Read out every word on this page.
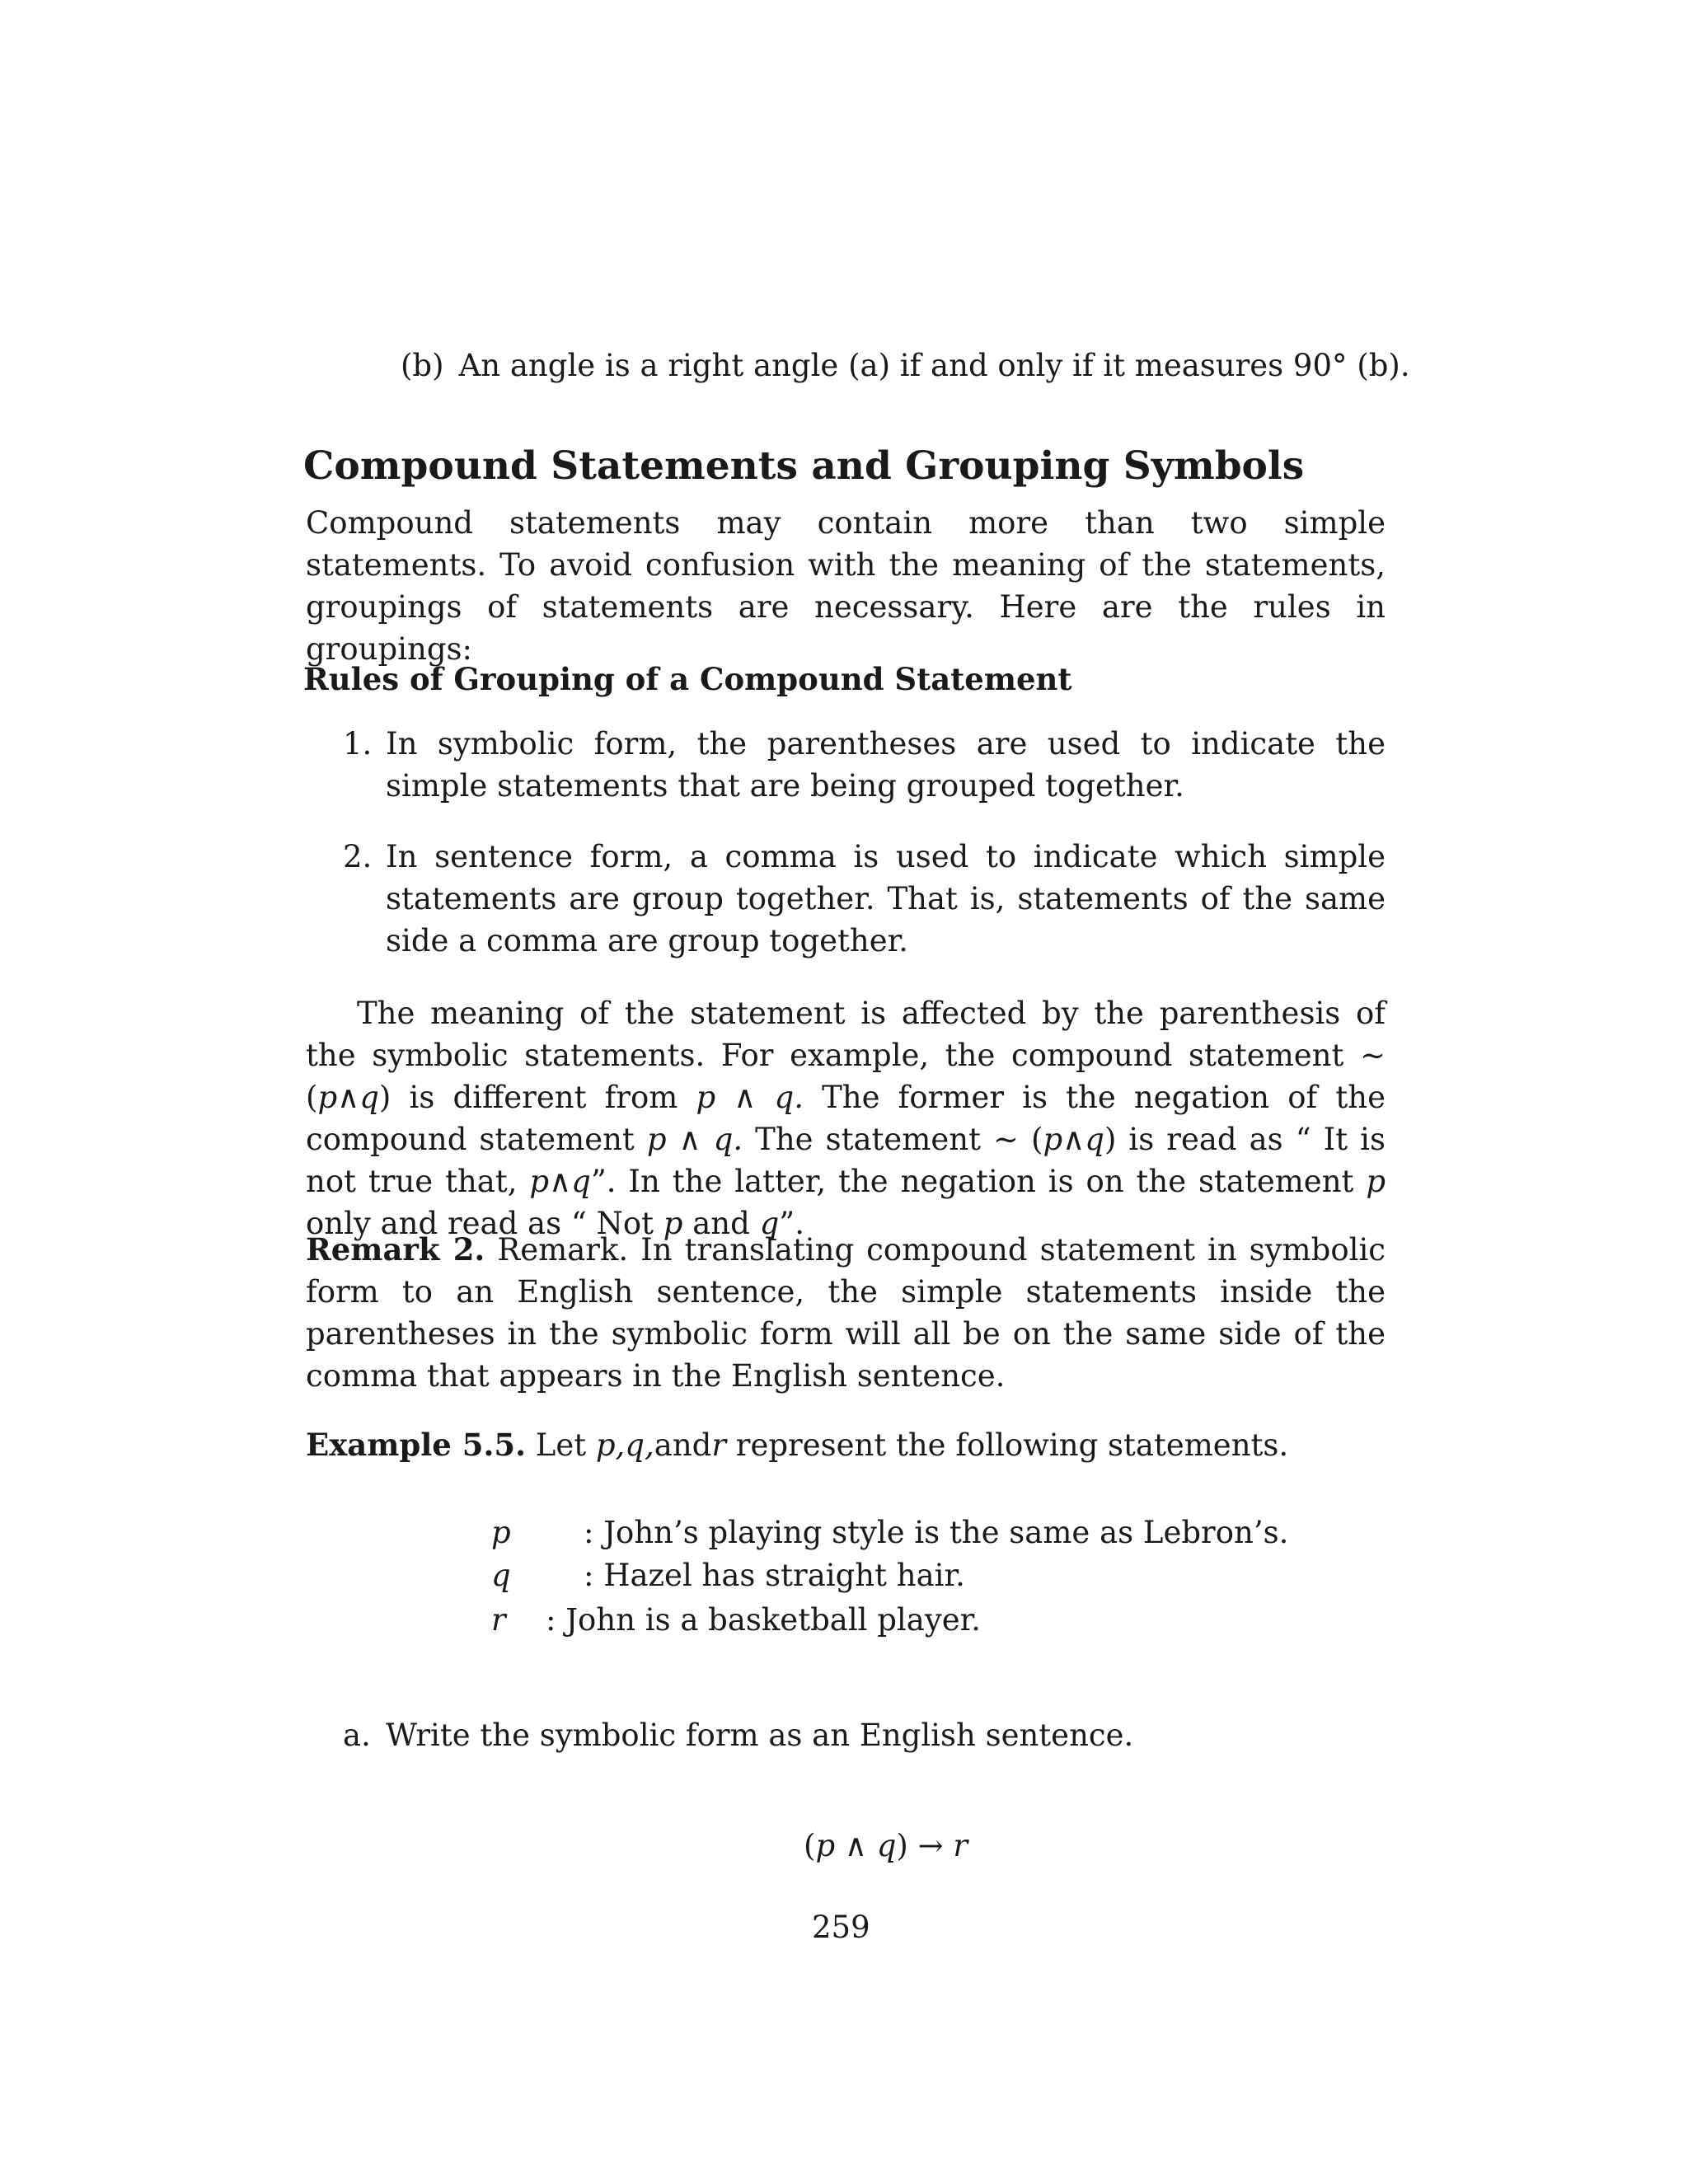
(b) An angle is a right angle (a) if and only if it measures 90° (b).
Compound Statements and Grouping Symbols
Compound statements may contain more than two simple statements. To avoid confusion with the meaning of the statements, groupings of statements are necessary. Here are the rules in groupings:
Rules of Grouping of a Compound Statement
1. In symbolic form, the parentheses are used to indicate the simple statements that are being grouped together.
2. In sentence form, a comma is used to indicate which simple statements are group together. That is, statements of the same side a comma are group together.
The meaning of the statement is affected by the parenthesis of the symbolic statements. For example, the compound statement ∼ (p∧q) is different from p ∧ q. The former is the negation of the compound statement p ∧ q. The statement ∼ (p∧q) is read as “ It is not true that, p∧q”. In the latter, the negation is on the statement p only and read as “ Not p and q”.
Remark 2. Remark. In translating compound statement in symbolic form to an English sentence, the simple statements inside the parentheses in the symbolic form will all be on the same side of the comma that appears in the English sentence.
Example 5.5. Let p,q,andr represent the following statements.
p : John’s playing style is the same as Lebron’s.
q : Hazel has straight hair.
r : John is a basketball player.
a. Write the symbolic form as an English sentence.
(p ∧ q) → r
259
